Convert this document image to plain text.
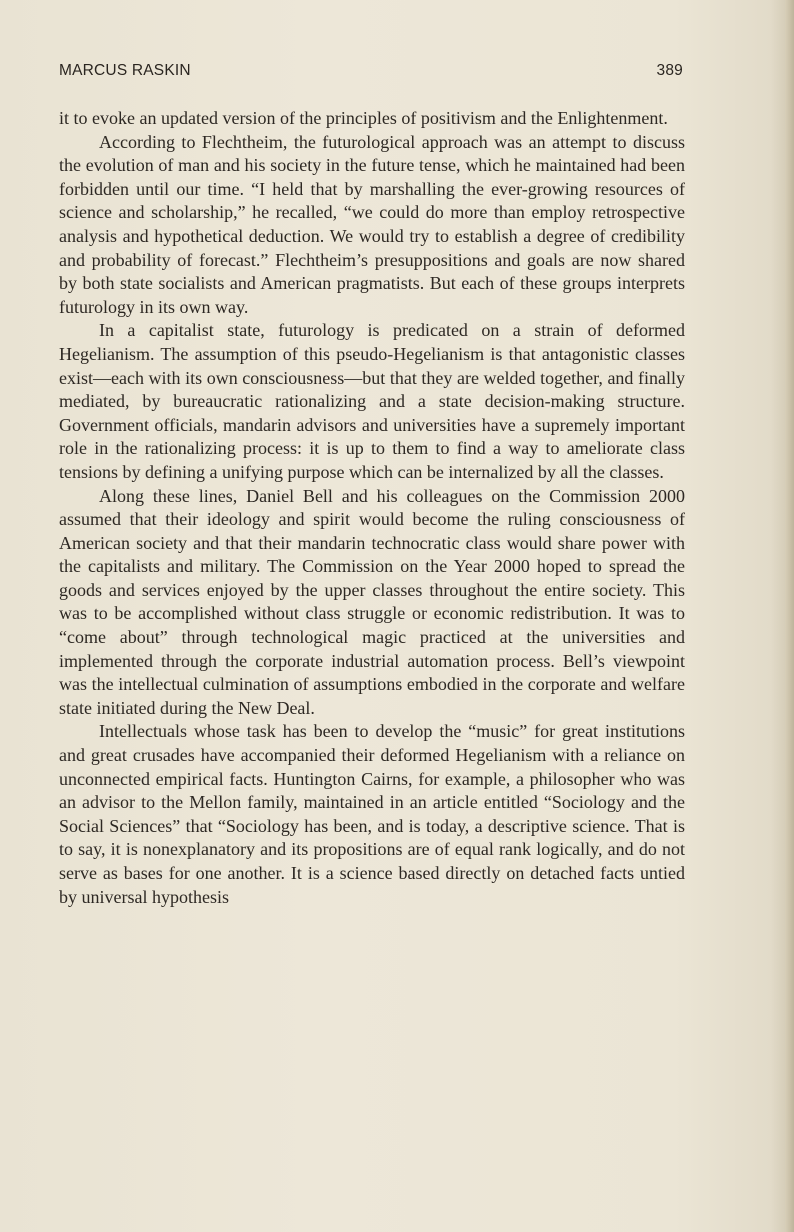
MARCUS RASKIN	389

it to evoke an updated version of the principles of positivism and the Enlightenment.

According to Flechtheim, the futurological approach was an attempt to discuss the evolution of man and his society in the future tense, which he maintained had been forbidden until our time. “I held that by marshalling the ever-growing resources of science and scholarship,” he recalled, “we could do more than employ retrospective analysis and hypothetical deduction. We would try to establish a degree of credibility and probability of forecast.” Flechtheim’s presuppositions and goals are now shared by both state socialists and American pragmatists. But each of these groups interprets futurology in its own way.

In a capitalist state, futurology is predicated on a strain of deformed Hegelianism. The assumption of this pseudo-Hegelianism is that antagonistic classes exist—each with its own consciousness—but that they are welded together, and finally mediated, by bureaucratic rationalizing and a state decision-making structure. Government officials, mandarin advisors and universities have a supremely important role in the rationalizing process: it is up to them to find a way to ameliorate class tensions by defining a unifying purpose which can be internalized by all the classes.

Along these lines, Daniel Bell and his colleagues on the Commission 2000 assumed that their ideology and spirit would become the ruling consciousness of American society and that their mandarin technocratic class would share power with the capitalists and military. The Commission on the Year 2000 hoped to spread the goods and services enjoyed by the upper classes throughout the entire society. This was to be accomplished without class struggle or economic redistribution. It was to “come about” through technological magic practiced at the universities and implemented through the corporate industrial automation process. Bell’s viewpoint was the intellectual culmination of assumptions embodied in the corporate and welfare state initiated during the New Deal.

Intellectuals whose task has been to develop the “music” for great institutions and great crusades have accompanied their deformed Hegelianism with a reliance on unconnected empirical facts. Huntington Cairns, for example, a philosopher who was an advisor to the Mellon family, maintained in an article entitled “Sociology and the Social Sciences” that “Sociology has been, and is today, a descriptive science. That is to say, it is nonexplanatory and its propositions are of equal rank logically, and do not serve as bases for one another. It is a science based directly on detached facts untied by universal hypothesis
